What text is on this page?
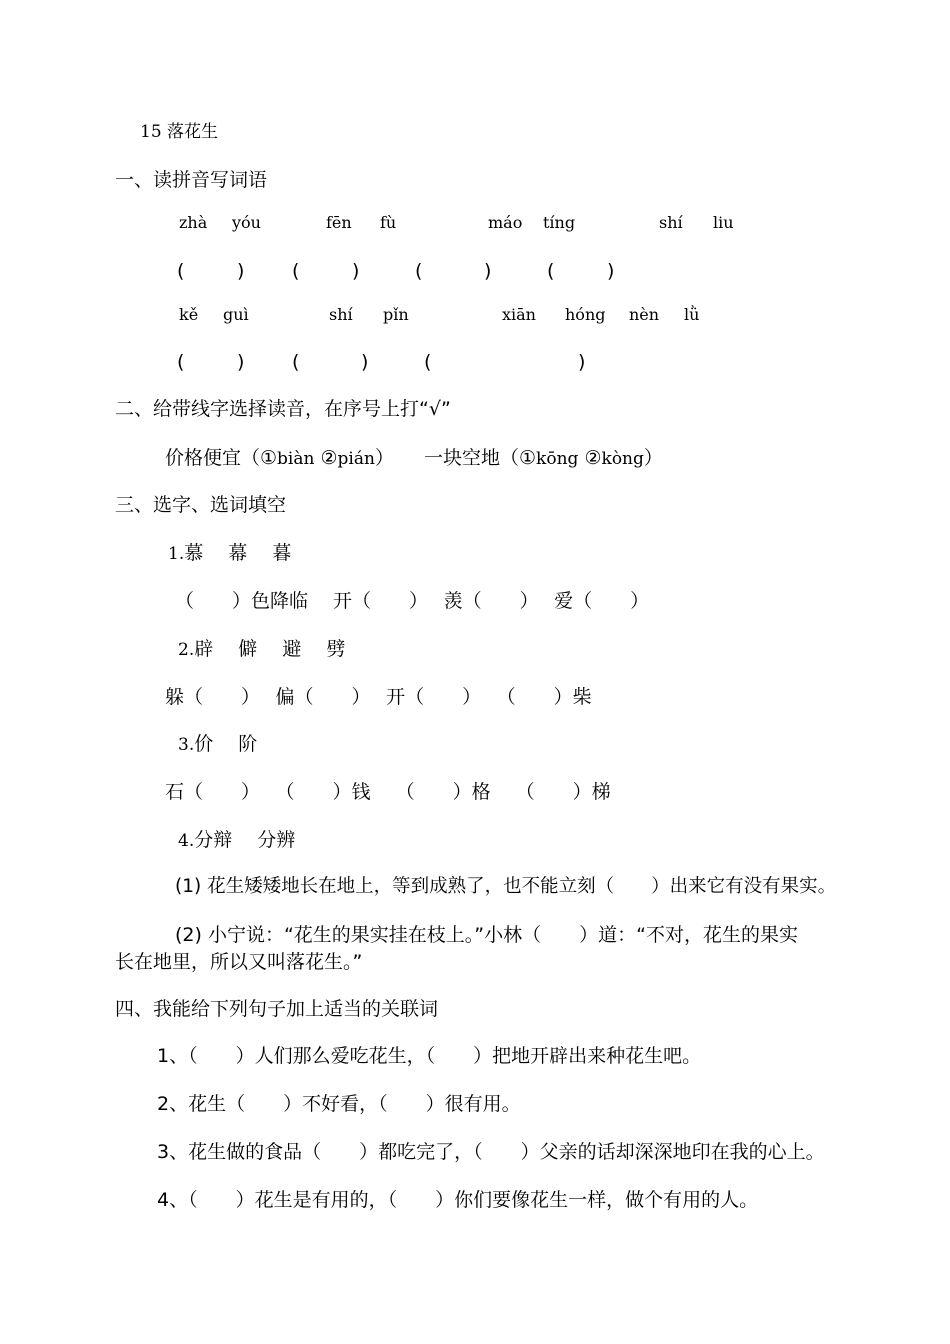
15 落花生
一、读拼音写词语
zhà yóu	fēn fù	máo tíng	shí liu
(	)	(	)	(	)	(	)
kě guì	shí pǐn	xiān hóng nèn lǜ
(	)	(	)	(	)
二、给带线字选择读音，在序号上打“√”
价格便宜（①biàn ②pián） 一块空地（①kōng ②kòng）
三、选字、选词填空
1.慕　 幕　 暮
（　　）色降临　 开（　　）　 羡（　　）　 爱（　　）
2.辟　 僻　 避　 劈
躲（　　）　 偏（　　）　 开（　　）　 （　　）柴
3.价　 阶
石（　　）　 （　　）钱　 （　　）格　 （　　）梯
4.分辩　 分辨
(1) 花生矮矮地长在地上，等到成熟了，也不能立刻（　　）出来它有没有果实。
(2) 小宁说：“花生的果实挂在枝上。”小林（　　）道：“不对，花生的果实
长在地里，所以又叫落花生。”
四、我能给下列句子加上适当的关联词
1、（　　）人们那么爱吃花生，（　　）把地开辟出来种花生吧。
2、花生（　　）不好看，（　　）很有用。
3、花生做的食品（　　）都吃完了，（　　）父亲的话却深深地印在我的心上。
4、（　　）花生是有用的，（　　）你们要像花生一样，做个有用的人。
